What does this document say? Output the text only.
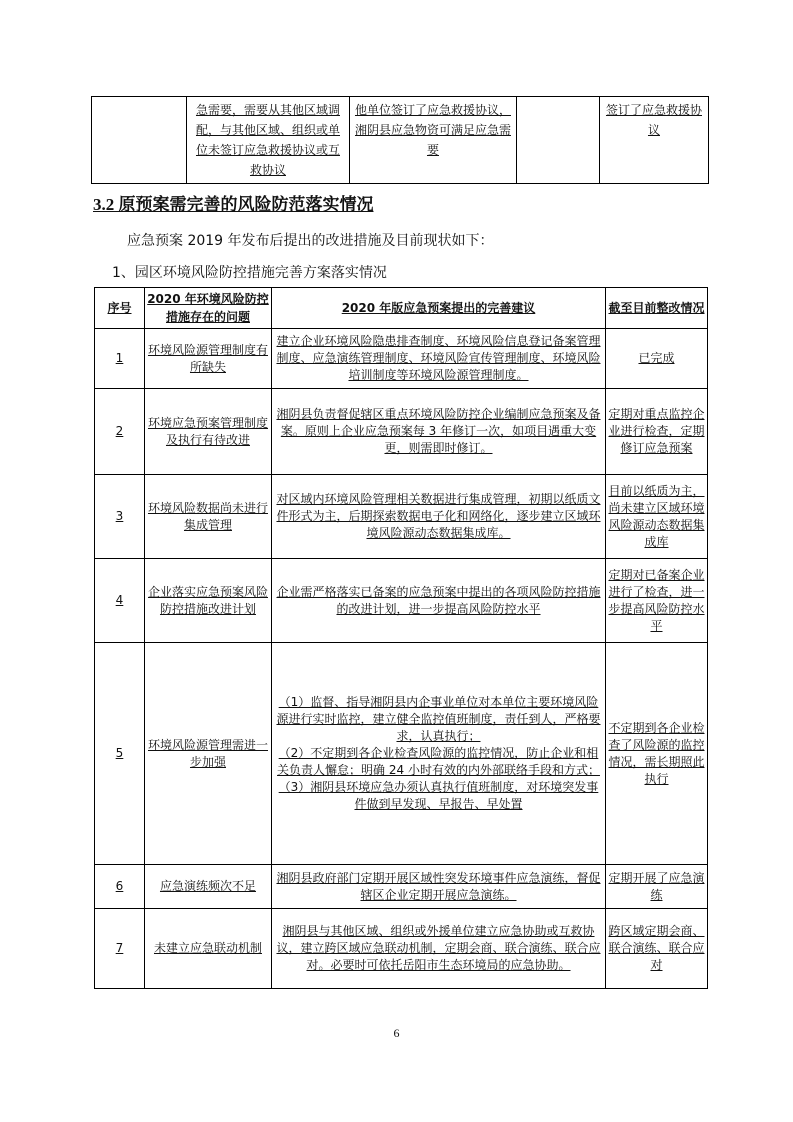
	急需要，需要从其他区域调配，与其他区域、组织或单位未签订应急救援协议或互救协议	他单位签订了应急救援协议，湘阴县应急物资可满足应急需要		签订了应急救援协议
3.2 原预案需完善的风险防范落实情况
应急预案 2019 年发布后提出的改进措施及目前现状如下：
1、园区环境风险防控措施完善方案落实情况
序号	2020 年环境风险防控措施存在的问题	2020 年版应急预案提出的完善建议	截至目前整改情况
1	环境风险源管理制度有所缺失	建立企业环境风险隐患排查制度、环境风险信息登记备案管理制度、应急演练管理制度、环境风险宣传管理制度、环境风险培训制度等环境风险源管理制度。	已完成
2	环境应急预案管理制度及执行有待改进	湘阴县负责督促辖区重点环境风险防控企业编制应急预案及备案。原则上企业应急预案每 3 年修订一次，如项目遇重大变更，则需即时修订。	定期对重点监控企业进行检查，定期修订应急预案
3	环境风险数据尚未进行集成管理	对区域内环境风险管理相关数据进行集成管理，初期以纸质文件形式为主，后期探索数据电子化和网络化，逐步建立区域环境风险源动态数据集成库。	目前以纸质为主，尚未建立区域环境风险源动态数据集成库
4	企业落实应急预案风险防控措施改进计划	企业需严格落实已备案的应急预案中提出的各项风险防控措施的改进计划，进一步提高风险防控水平	定期对已备案企业进行了检查，进一步提高风险防控水平
5	环境风险源管理需进一步加强	（1）监督、指导湘阴县内企事业单位对本单位主要环境风险源进行实时监控，建立健全监控值班制度，责任到人，严格要求，认真执行；
（2）不定期到各企业检查风险源的监控情况，防止企业和相关负责人懈怠；明确 24 小时有效的内外部联络手段和方式；
（3）湘阴县环境应急办须认真执行值班制度，对环境突发事件做到早发现、早报告、早处置	不定期到各企业检查了风险源的监控情况，需长期照此执行
6	应急演练频次不足	湘阴县政府部门定期开展区域性突发环境事件应急演练，督促辖区企业定期开展应急演练。	定期开展了应急演练
7	未建立应急联动机制	湘阴县与其他区域、组织或外援单位建立应急协助或互救协议，建立跨区域应急联动机制，定期会商、联合演练、联合应对。必要时可依托岳阳市生态环境局的应急协助。	跨区域定期会商、联合演练、联合应对
6
